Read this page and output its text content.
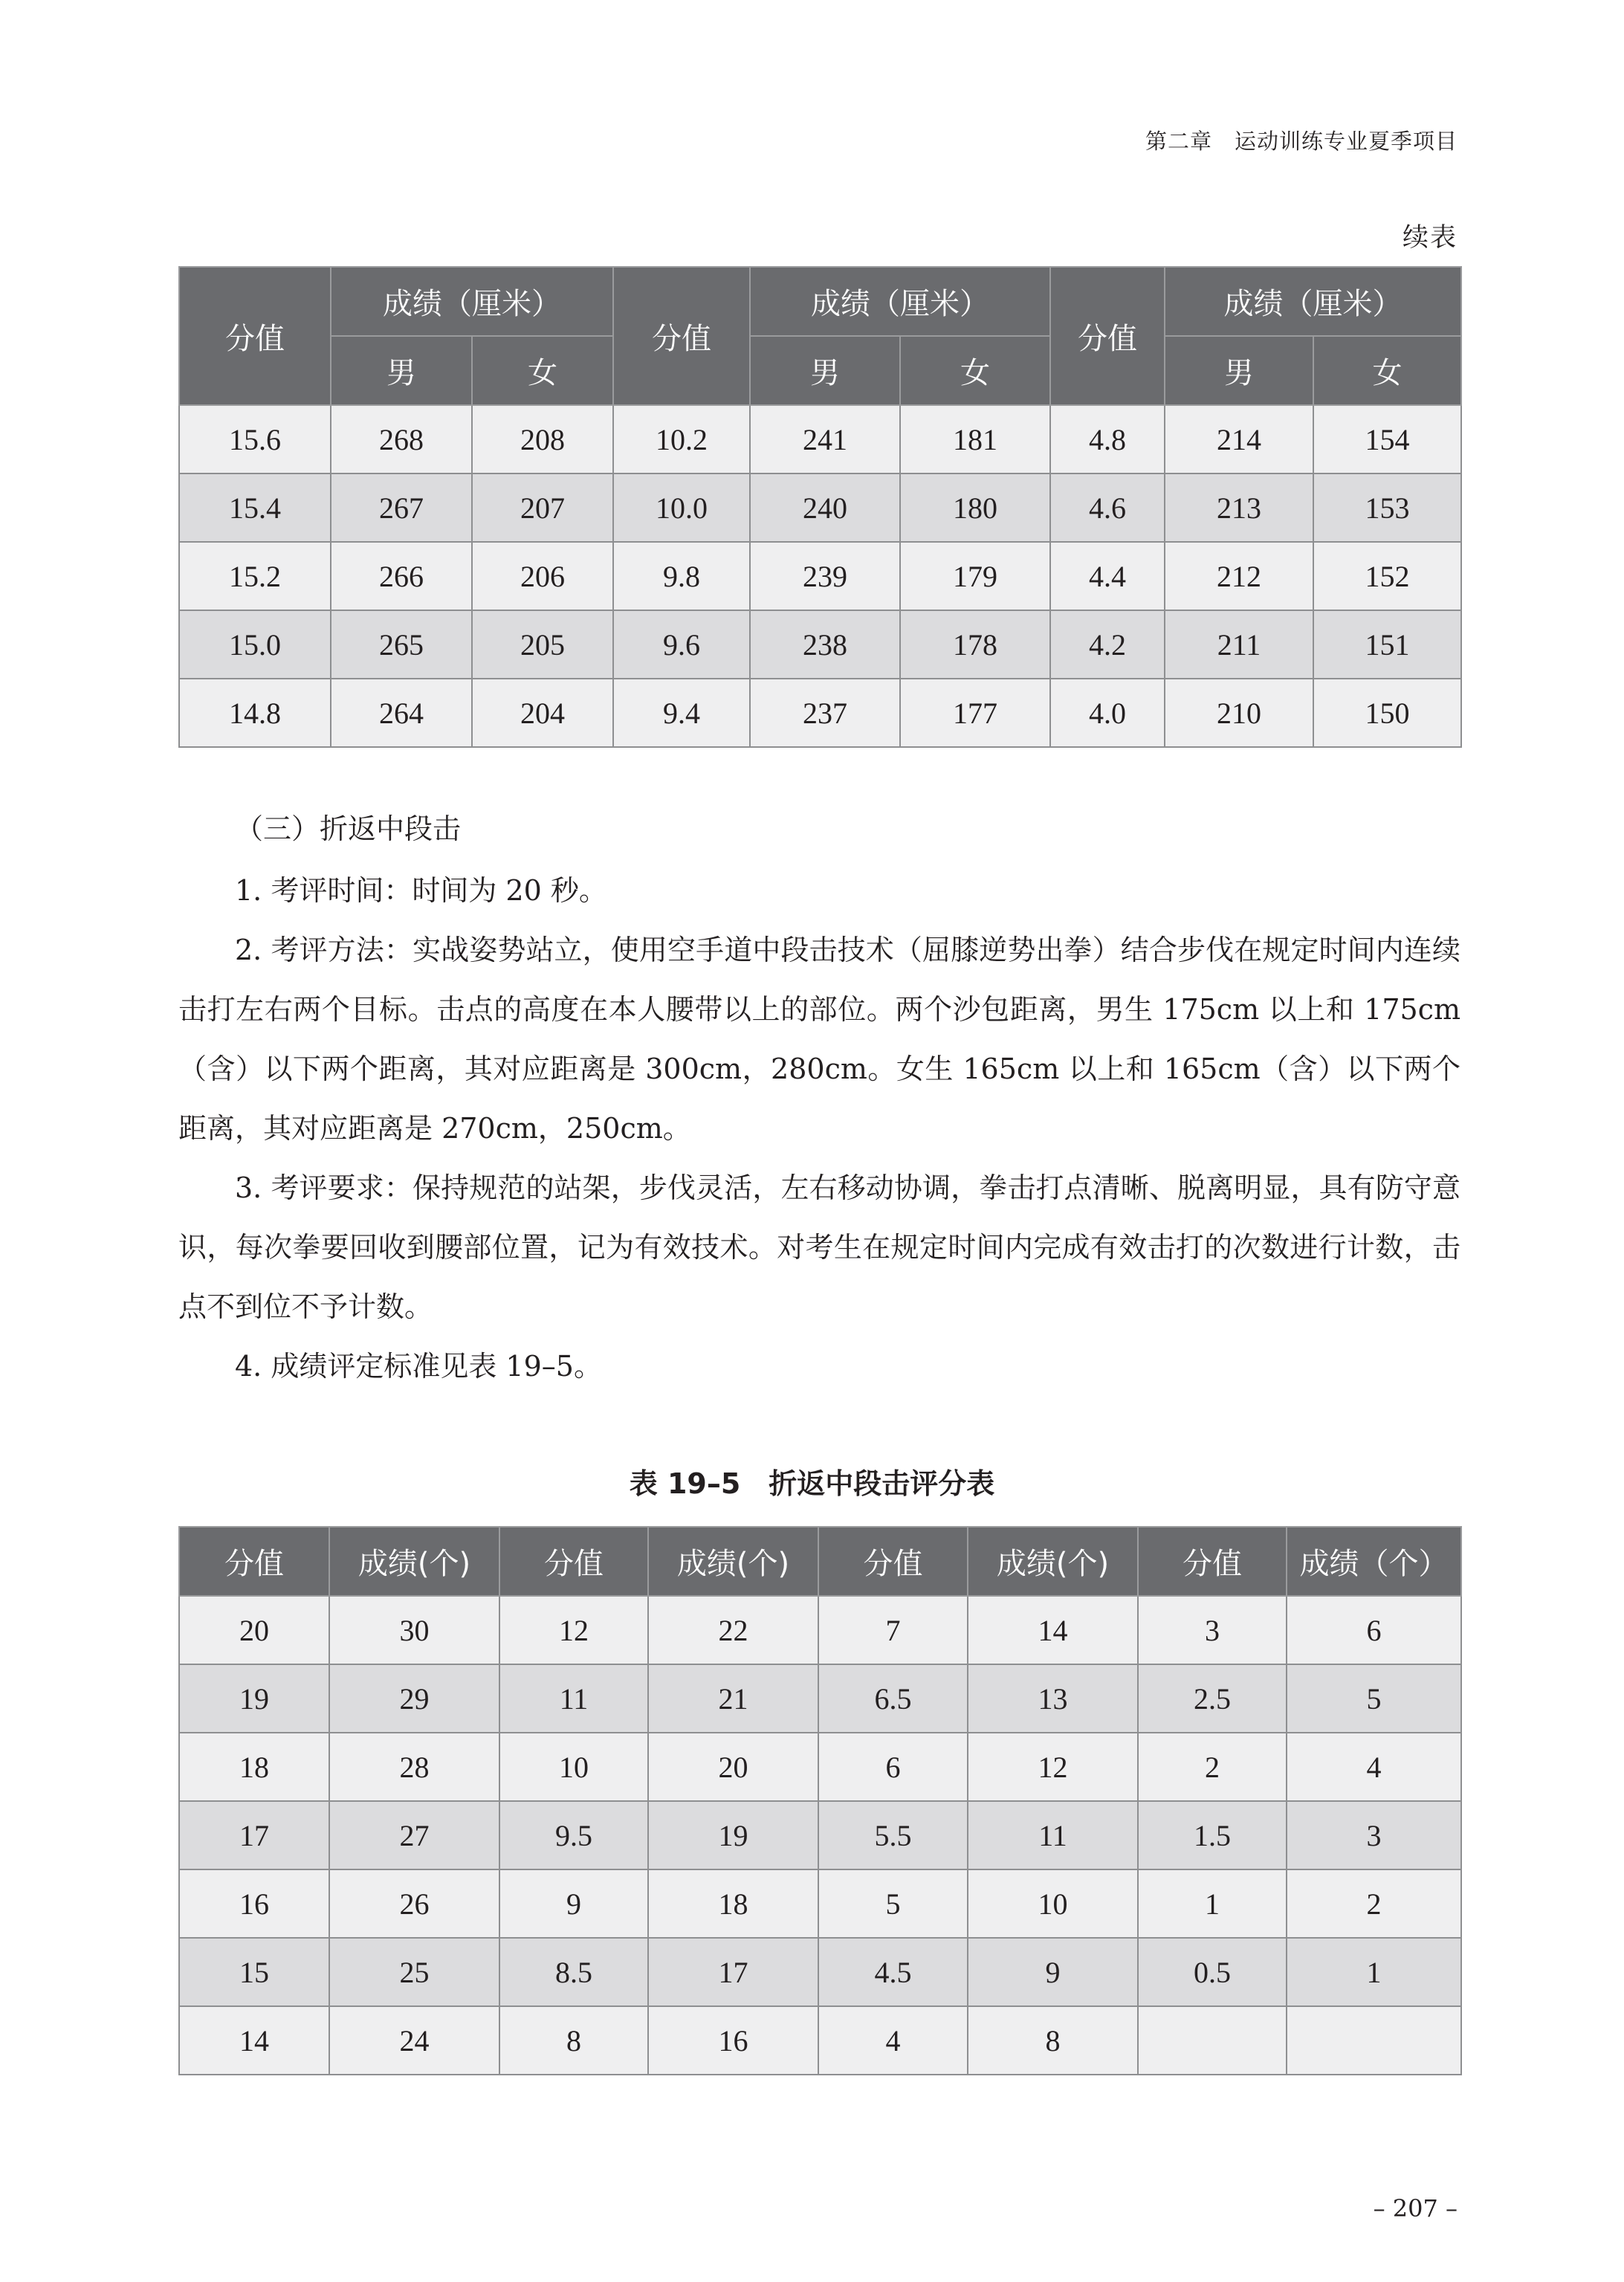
第二章　运动训练专业夏季项目
续表
分值	成绩（厘米）		分值	成绩（厘米）		分值	成绩（厘米）	
	男	女		男	女		男	女
15.6	268	208	10.2	241	181	4.8	214	154
15.4	267	207	10.0	240	180	4.6	213	153
15.2	266	206	9.8	239	179	4.4	212	152
15.0	265	205	9.6	238	178	4.2	211	151
14.8	264	204	9.4	237	177	4.0	210	150
（三）折返中段击

1. 考评时间：时间为 20 秒。

2. 考评方法：实战姿势站立，使用空手道中段击技术（屈膝逆势出拳）结合步伐在规定时间内连续击打左右两个目标。击点的高度在本人腰带以上的部位。两个沙包距离，男生 175cm 以上和 175cm（含）以下两个距离，其对应距离是 300cm，280cm。女生 165cm 以上和 165cm（含）以下两个距离，其对应距离是 270cm，250cm。

3. 考评要求：保持规范的站架，步伐灵活，左右移动协调，拳击打点清晰、脱离明显，具有防守意识，每次拳要回收到腰部位置，记为有效技术。对考生在规定时间内完成有效击打的次数进行计数，击点不到位不予计数。

4. 成绩评定标准见表 19–5。

表 19–5　折返中段击评分表
分值	成绩(个)	分值	成绩(个)	分值	成绩(个)	分值	成绩（个）
20	30	12	22	7	14	3	6
19	29	11	21	6.5	13	2.5	5
18	28	10	20	6	12	2	4
17	27	9.5	19	5.5	11	1.5	3
16	26	9	18	5	10	1	2
15	25	8.5	17	4.5	9	0.5	1
14	24	8	16	4	8		
– 207 –
